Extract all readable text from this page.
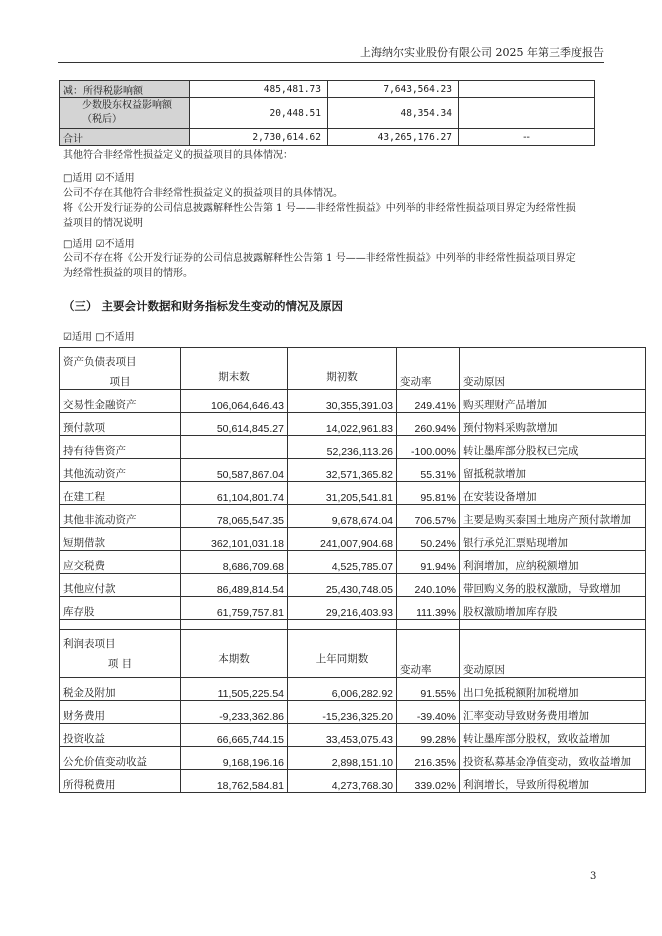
上海纳尔实业股份有限公司 2025 年第三季度报告
减：所得税影响额	485,481.73	7,643,564.23	
少数股东权益影响额（税后）	20,448.51	48,354.34	
合计	2,730,614.62	43,265,176.27	--
其他符合非经常性损益定义的损益项目的具体情况：
□适用 ☑不适用
公司不存在其他符合非经常性损益定义的损益项目的具体情况。
将《公开发行证券的公司信息披露解释性公告第 1 号——非经常性损益》中列举的非经常性损益项目界定为经常性损益项目的情况说明
□适用 ☑不适用
公司不存在将《公开发行证券的公司信息披露解释性公告第 1 号——非经常性损益》中列举的非经常性损益项目界定为经常性损益的项目的情形。
（三） 主要会计数据和财务指标发生变动的情况及原因
☑适用 □不适用
资产负债表项目				
项目	期末数	期初数	变动率	变动原因
交易性金融资产	106,064,646.43	30,355,391.03	249.41%	购买理财产品增加
预付款项	50,614,845.27	14,022,961.83	260.94%	预付物料采购款增加
持有待售资产		52,236,113.26	-100.00%	转让墨库部分股权已完成
其他流动资产	50,587,867.04	32,571,365.82	55.31%	留抵税款增加
在建工程	61,104,801.74	31,205,541.81	95.81%	在安装设备增加
其他非流动资产	78,065,547.35	9,678,674.04	706.57%	主要是购买泰国土地房产预付款增加
短期借款	362,101,031.18	241,007,904.68	50.24%	银行承兑汇票贴现增加
应交税费	8,686,709.68	4,525,785.07	91.94%	利润增加，应纳税额增加
其他应付款	86,489,814.54	25,430,748.05	240.10%	带回购义务的股权激励，导致增加
库存股	61,759,757.81	29,216,403.93	111.39%	股权激励增加库存股

利润表项目				
项 目	本期数	上年同期数	变动率	变动原因
税金及附加	11,505,225.54	6,006,282.92	91.55%	出口免抵税额附加税增加
财务费用	-9,233,362.86	-15,236,325.20	-39.40%	汇率变动导致财务费用增加
投资收益	66,665,744.15	33,453,075.43	99.28%	转让墨库部分股权，致收益增加
公允价值变动收益	9,168,196.16	2,898,151.10	216.35%	投资私募基金净值变动，致收益增加
所得税费用	18,762,584.81	4,273,768.30	339.02%	利润增长，导致所得税增加
3
